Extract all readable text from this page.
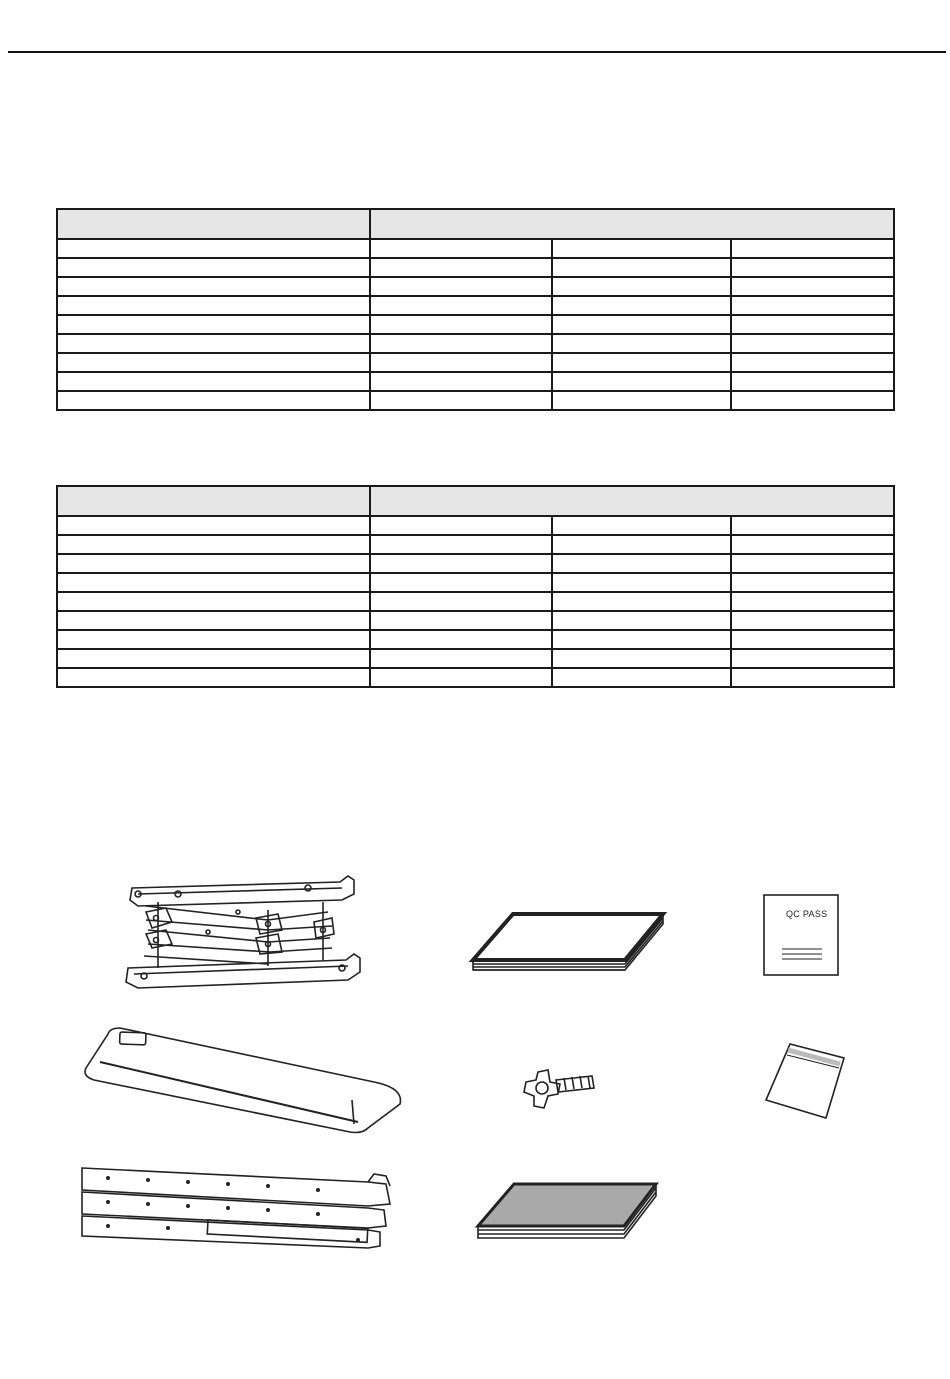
QC PASS
